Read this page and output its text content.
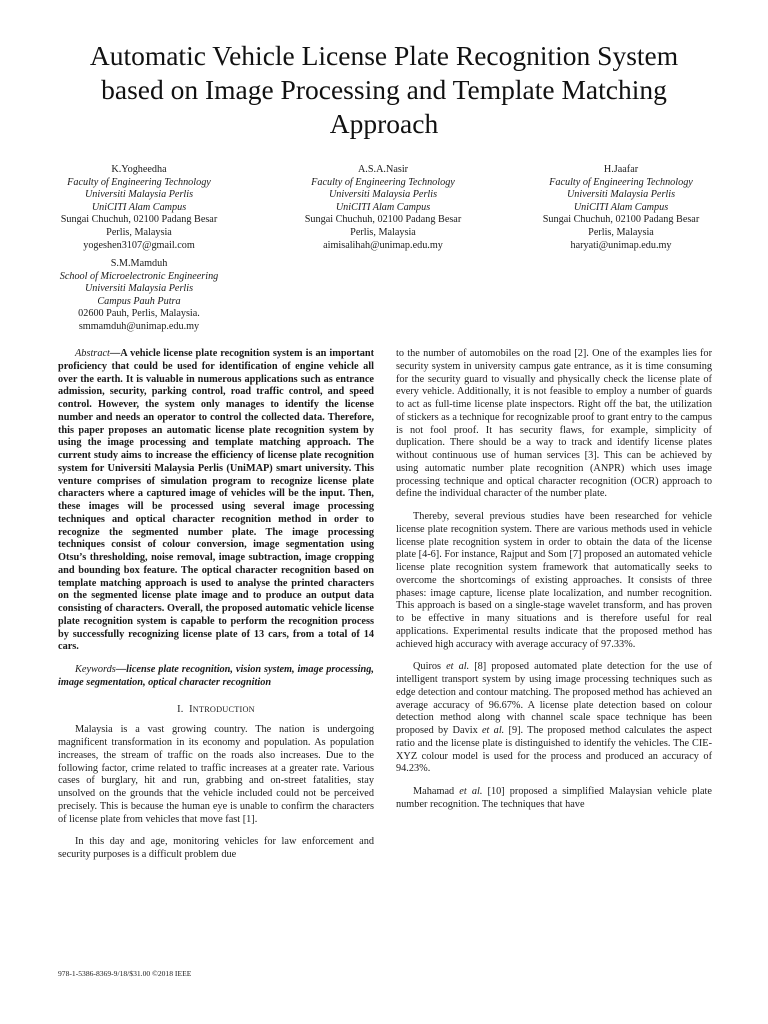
Automatic Vehicle License Plate Recognition System based on Image Processing and Template Matching Approach
K.Yogheedha
Faculty of Engineering Technology
Universiti Malaysia Perlis
UniCITI Alam Campus
Sungai Chuchuh, 02100 Padang Besar
Perlis, Malaysia
yogeshen3107@gmail.com
A.S.A.Nasir
Faculty of Engineering Technology
Universiti Malaysia Perlis
UniCITI Alam Campus
Sungai Chuchuh, 02100 Padang Besar
Perlis, Malaysia
aimisalihah@unimap.edu.my
H.Jaafar
Faculty of Engineering Technology
Universiti Malaysia Perlis
UniCITI Alam Campus
Sungai Chuchuh, 02100 Padang Besar
Perlis, Malaysia
haryati@unimap.edu.my
S.M.Mamduh
School of Microelectronic Engineering
Universiti Malaysia Perlis
Campus Pauh Putra
02600 Pauh, Perlis, Malaysia.
smmamduh@unimap.edu.my

Abstract—A vehicle license plate recognition system is an important proficiency that could be used for identification of engine vehicle all over the earth. It is valuable in numerous applications such as entrance admission, security, parking control, road traffic control, and speed control. However, the system only manages to identify the license number and needs an operator to control the collected data. Therefore, this paper proposes an automatic license plate recognition system by using the image processing and template matching approach. The current study aims to increase the efficiency of license plate recognition system for Universiti Malaysia Perlis (UniMAP) smart university. This venture comprises of simulation program to recognize license plate characters where a captured image of vehicles will be the input. Then, these images will be processed using several image processing techniques and optical character recognition method in order to recognize the segmented number plate. The image processing techniques consist of colour conversion, image segmentation using Otsu’s thresholding, noise removal, image subtraction, image cropping and bounding box feature. The optical character recognition based on template matching approach is used to analyse the printed characters on the segmented license plate image and to produce an output data consisting of characters. Overall, the proposed automatic vehicle license plate recognition system is capable to perform the recognition process by successfully recognizing license plate of 13 cars, from a total of 14 cars.

Keywords—license plate recognition, vision system, image processing, image segmentation, optical character recognition

I. INTRODUCTION

Malaysia is a vast growing country. The nation is undergoing magnificent transformation in its economy and population. As population increases, the stream of traffic on the roads also increases. Due to the following factor, crime related to traffic increases at a greater rate. Various cases of burglary, hit and run, grabbing and on-street fatalities, stay unsolved on the grounds that the vehicle included could not be perceived precisely. This is because the human eye is unable to confirm the characters of license plate from vehicles that move fast [1].

In this day and age, monitoring vehicles for law enforcement and security purposes is a difficult problem due

to the number of automobiles on the road [2]. One of the examples lies for security system in university campus gate entrance, as it is time consuming for the security guard to visually and physically check the license plate of every vehicle. Additionally, it is not feasible to employ a number of guards to act as full-time license plate inspectors. Right off the bat, the utilization of stickers as a technique for recognizable proof to grant entry to the campus is not fool proof. It has security flaws, for example, simplicity of duplication. There should be a way to track and identify license plates without continuous use of human services [3]. This can be achieved by using automatic number plate recognition (ANPR) which uses image processing technique and optical character recognition (OCR) approach to define the individual character of the number plate.

Thereby, several previous studies have been researched for vehicle license plate recognition system. There are various methods used in vehicle license plate recognition system in order to obtain the data of the license plate [4-6]. For instance, Rajput and Som [7] proposed an automated vehicle license plate recognition system framework that automatically seeks to overcome the shortcomings of existing approaches. It consists of three phases: image capture, license plate localization, and number recognition. This approach is based on a single-stage wavelet transform, and has proven to be effective in many situations and is therefore useful for real applications. Experimental results indicate that the proposed method has achieved high accuracy with average accuracy of 97.33%.

Quiros et al. [8] proposed automated plate detection for the use of intelligent transport system by using image processing techniques such as edge detection and contour matching. The proposed method has achieved an average accuracy of 96.67%. A license plate detection based on colour detection method along with channel scale space technique has been proposed by Davix et al. [9]. The proposed method calculates the aspect ratio and the license plate is distinguished to identify the vehicles. The CIE-XYZ colour model is used for the process and produced an accuracy of 94.23%.

Mahamad et al. [10] proposed a simplified Malaysian vehicle plate number recognition. The techniques that have

978-1-5386-8369-9/18/$31.00 ©2018 IEEE
